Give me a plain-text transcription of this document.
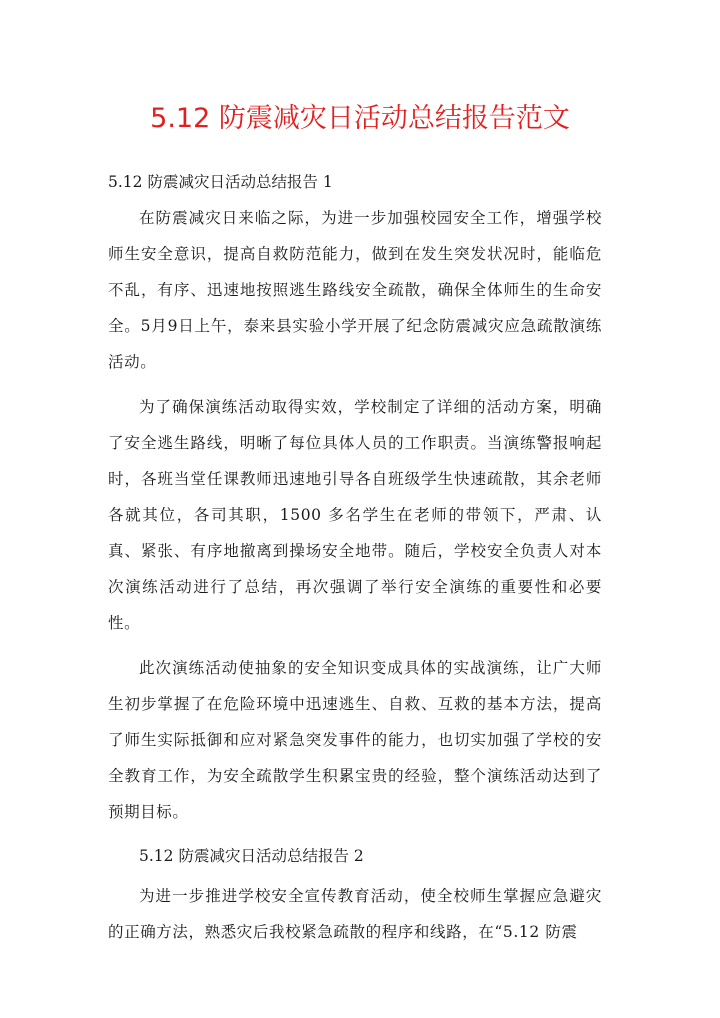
5.12 防震减灾日活动总结报告范文

5.12 防震减灾日活动总结报告 1

在防震减灾日来临之际，为进一步加强校园安全工作，增强学校师生安全意识，提高自救防范能力，做到在发生突发状况时，能临危不乱，有序、迅速地按照逃生路线安全疏散，确保全体师生的生命安全。5月9日上午，泰来县实验小学开展了纪念防震减灾应急疏散演练活动。

为了确保演练活动取得实效，学校制定了详细的活动方案，明确了安全逃生路线，明晰了每位具体人员的工作职责。当演练警报响起时，各班当堂任课教师迅速地引导各自班级学生快速疏散，其余老师各就其位，各司其职，1500 多名学生在老师的带领下，严肃、认真、紧张、有序地撤离到操场安全地带。随后，学校安全负责人对本次演练活动进行了总结，再次强调了举行安全演练的重要性和必要性。

此次演练活动使抽象的安全知识变成具体的实战演练，让广大师生初步掌握了在危险环境中迅速逃生、自救、互救的基本方法，提高了师生实际抵御和应对紧急突发事件的能力，也切实加强了学校的安全教育工作，为安全疏散学生积累宝贵的经验，整个演练活动达到了预期目标。

5.12 防震减灾日活动总结报告 2

为进一步推进学校安全宣传教育活动，使全校师生掌握应急避灾的正确方法，熟悉灾后我校紧急疏散的程序和线路，在“5.12 防震
